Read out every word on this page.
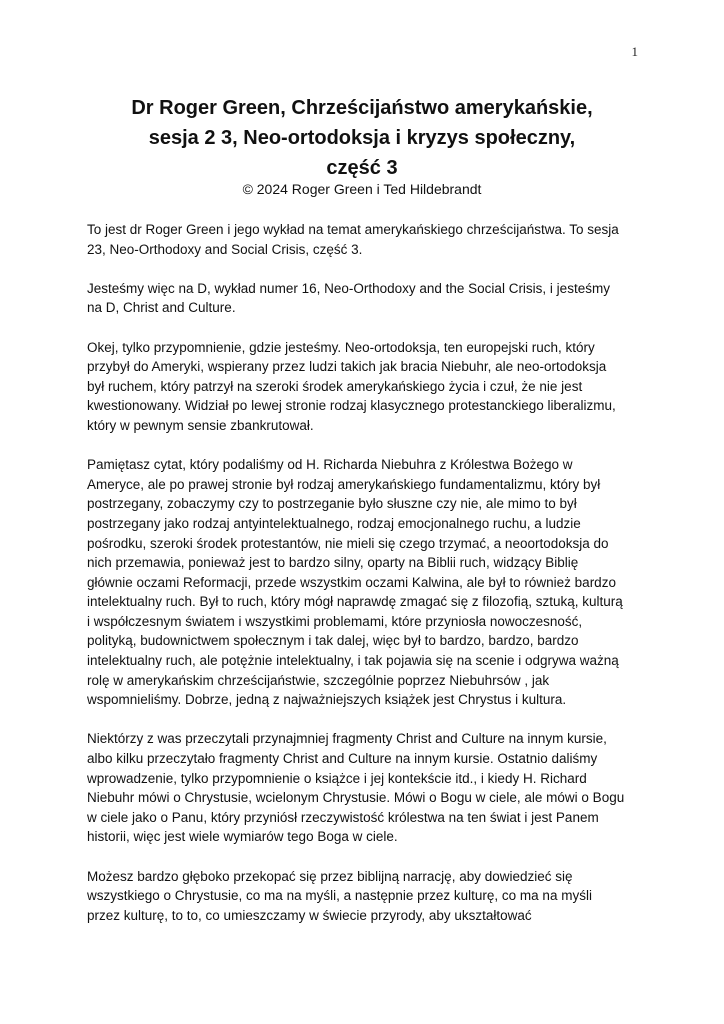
1
Dr Roger Green, Chrześcijaństwo amerykańskie,
sesja 2 3, Neo-ortodoksja i kryzys społeczny,
część 3
© 2024 Roger Green i Ted Hildebrandt

To jest dr Roger Green i jego wykład na temat amerykańskiego chrześcijaństwa. To sesja 23, Neo-Orthodoxy and Social Crisis, część 3.

Jesteśmy więc na D, wykład numer 16, Neo-Orthodoxy and the Social Crisis, i jesteśmy na D, Christ and Culture.

Okej, tylko przypomnienie, gdzie jesteśmy. Neo-ortodoksja, ten europejski ruch, który przybył do Ameryki, wspierany przez ludzi takich jak bracia Niebuhr, ale neo-ortodoksja był ruchem, który patrzył na szeroki środek amerykańskiego życia i czuł, że nie jest kwestionowany. Widział po lewej stronie rodzaj klasycznego protestanckiego liberalizmu, który w pewnym sensie zbankrutował.

Pamiętasz cytat, który podaliśmy od H. Richarda Niebuhra z Królestwa Bożego w Ameryce, ale po prawej stronie był rodzaj amerykańskiego fundamentalizmu, który był postrzegany, zobaczymy czy to postrzeganie było słuszne czy nie, ale mimo to był postrzegany jako rodzaj antyintelektualnego, rodzaj emocjonalnego ruchu, a ludzie pośrodku, szeroki środek protestantów, nie mieli się czego trzymać, a neoortodoksja do nich przemawia, ponieważ jest to bardzo silny, oparty na Biblii ruch, widzący Biblię głównie oczami Reformacji, przede wszystkim oczami Kalwina, ale był to również bardzo intelektualny ruch. Był to ruch, który mógł naprawdę zmagać się z filozofią, sztuką, kulturą i współczesnym światem i wszystkimi problemami, które przyniosła nowoczesność, polityką, budownictwem społecznym i tak dalej, więc był to bardzo, bardzo, bardzo intelektualny ruch, ale potężnie intelektualny, i tak pojawia się na scenie i odgrywa ważną rolę w amerykańskim chrześcijaństwie, szczególnie poprzez Niebuhrsów , jak wspomnieliśmy. Dobrze, jedną z najważniejszych książek jest Chrystus i kultura.

Niektórzy z was przeczytali przynajmniej fragmenty Christ and Culture na innym kursie, albo kilku przeczytało fragmenty Christ and Culture na innym kursie. Ostatnio daliśmy wprowadzenie, tylko przypomnienie o książce i jej kontekście itd., i kiedy H. Richard Niebuhr mówi o Chrystusie, wcielonym Chrystusie. Mówi o Bogu w ciele, ale mówi o Bogu w ciele jako o Panu, który przyniósł rzeczywistość królestwa na ten świat i jest Panem historii, więc jest wiele wymiarów tego Boga w ciele.

Możesz bardzo głęboko przekopać się przez biblijną narrację, aby dowiedzieć się wszystkiego o Chrystusie, co ma na myśli, a następnie przez kulturę, co ma na myśli przez kulturę, to to, co umieszczamy w świecie przyrody, aby ukształtować
